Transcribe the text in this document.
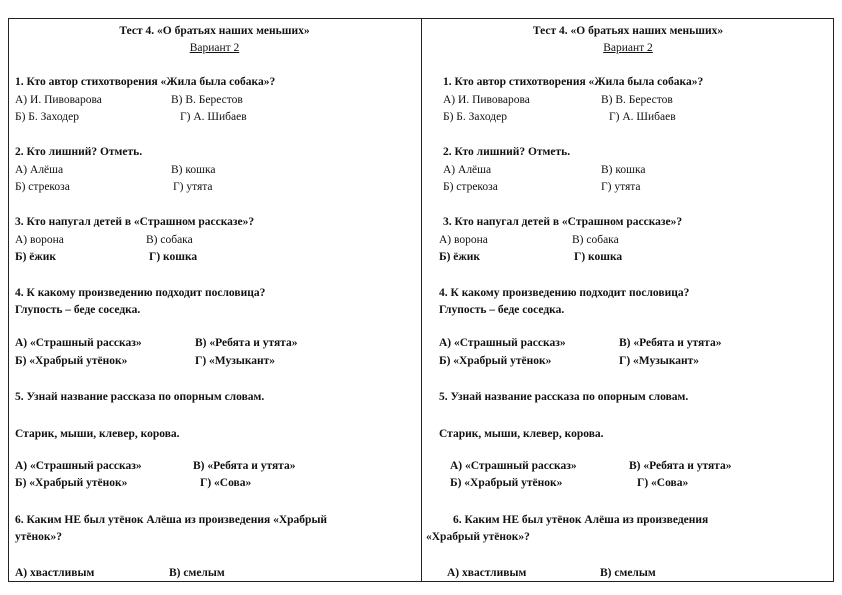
Тест 4. «О братьях наших меньших»
Вариант 2
1. Кто автор стихотворения «Жила была собака»?
А) И. Пивоварова	В) В. Берестов
Б) Б. Заходер	Г) А. Шибаев
2. Кто лишний? Отметь.
А) Алёша	В) кошка
Б) стрекоза	Г) утята
3. Кто напугал детей в «Страшном рассказе»?
А) ворона	В) собака
Б) ёжик	Г) кошка
4. К какому произведению подходит пословица?
Глупость – беде соседка.
А) «Страшный рассказ»	В) «Ребята и утята»
Б) «Храбрый утёнок»	Г) «Музыкант»
5. Узнай название рассказа по опорным словам.
Старик, мыши, клевер, корова.
А) «Страшный рассказ»	В) «Ребята и утята»
Б) «Храбрый утёнок»	Г) «Сова»
6. Каким НЕ был утёнок Алёша из произведения «Храбрый
утёнок»?
А) хвастливым	В) смелым
Тест 4. «О братьях наших меньших»
Вариант 2
1. Кто автор стихотворения «Жила была собака»?
А) И. Пивоварова	В) В. Берестов
Б) Б. Заходер	Г) А. Шибаев
2. Кто лишний? Отметь.
А) Алёша	В) кошка
Б) стрекоза	Г) утята
3. Кто напугал детей в «Страшном рассказе»?
А) ворона	В) собака
Б) ёжик	Г) кошка
4. К какому произведению подходит пословица?
Глупость – беде соседка.
А) «Страшный рассказ»	В) «Ребята и утята»
Б) «Храбрый утёнок»	Г) «Музыкант»
5. Узнай название рассказа по опорным словам.
Старик, мыши, клевер, корова.
А) «Страшный рассказ»	В) «Ребята и утята»
Б) «Храбрый утёнок»	Г) «Сова»
6. Каким НЕ был утёнок Алёша из произведения
«Храбрый утёнок»?
А) хвастливым	В) смелым
